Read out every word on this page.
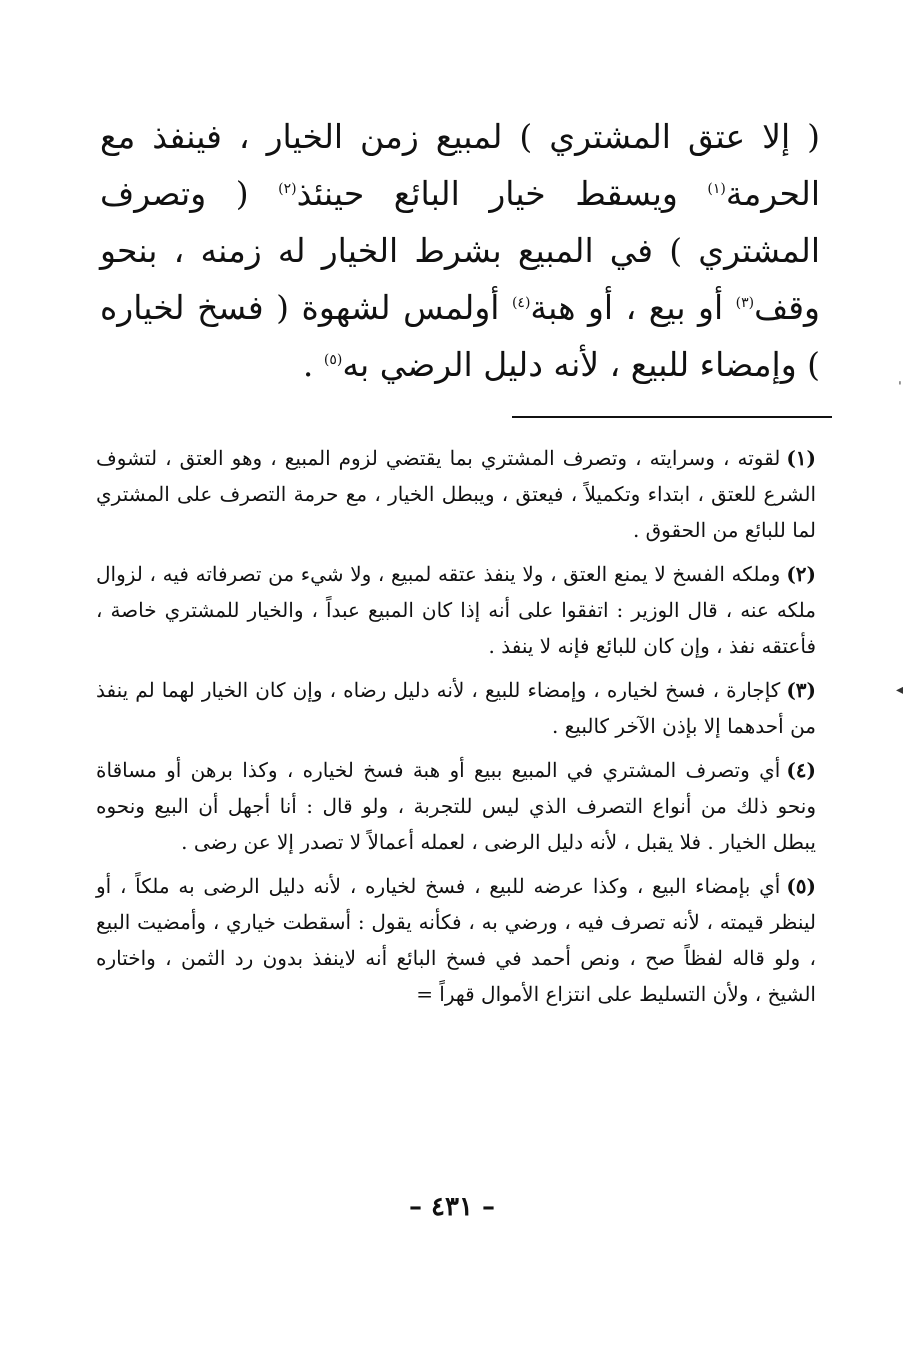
( إلا عتق المشتري ) لمبيع زمن الخيار ، فينفذ مع الحرمة$^{(١)}$ ويسقط خيار البائع حينئذ$^{(٢)}$ ( وتصرف المشتري ) في المبيع بشرط الخيار له زمنه ، بنحو وقف$^{(٣)}$ أو بيع ، أو هبة$^{(٤)}$ أولمس لشهوة ( فسخ لخياره ) وإمضاء للبيع ، لأنه دليل الرضي به$^{(٥)}$ .

(١)لقوته ، وسرايته ، وتصرف المشتري بما يقتضي لزوم المبيع ، وهو العتق ، لتشوف الشرع للعتق ، ابتداء وتكميلاً ، فيعتق ، ويبطل الخيار ، مع حرمة التصرف على المشتري لما للبائع من الحقوق .

(٢)وملكه الفسخ لا يمنع العتق ، ولا ينفذ عتقه لمبيع ، ولا شيء من تصرفاته فيه ، لزوال ملكه عنه ، قال الوزير : اتفقوا على أنه إذا كان المبيع عبداً ، والخيار للمشتري خاصة ، فأعتقه نفذ ، وإن كان للبائع فإنه لا ينفذ .

(٣)كإجارة ، فسخ لخياره ، وإمضاء للبيع ، لأنه دليل رضاه ، وإن كان الخيار لهما لم ينفذ من أحدهما إلا بإذن الآخر كالبيع .

(٤)أي وتصرف المشتري في المبيع ببيع أو هبة فسخ لخياره ، وكذا برهن أو مساقاة ونحو ذلك من أنواع التصرف الذي ليس للتجربة ، ولو قال : أنا أجهل أن البيع ونحوه يبطل الخيار . فلا يقبل ، لأنه دليل الرضى ، لعمله أعمالاً لا تصدر إلا عن رضى .

(٥)أي بإمضاء البيع ، وكذا عرضه للبيع ، فسخ لخياره ، لأنه دليل الرضى به ملكاً ، أو لينظر قيمته ، لأنه تصرف فيه ، ورضي به ، فكأنه يقول : أسقطت خياري ، وأمضيت البيع ، ولو قاله لفظاً صح ، ونص أحمد في فسخ البائع أنه لاينفذ بدون رد الثمن ، واختاره الشيخ ، ولأن التسليط على انتزاع الأموال قهراً =

– ٤٣١ –
ˈ
◂
